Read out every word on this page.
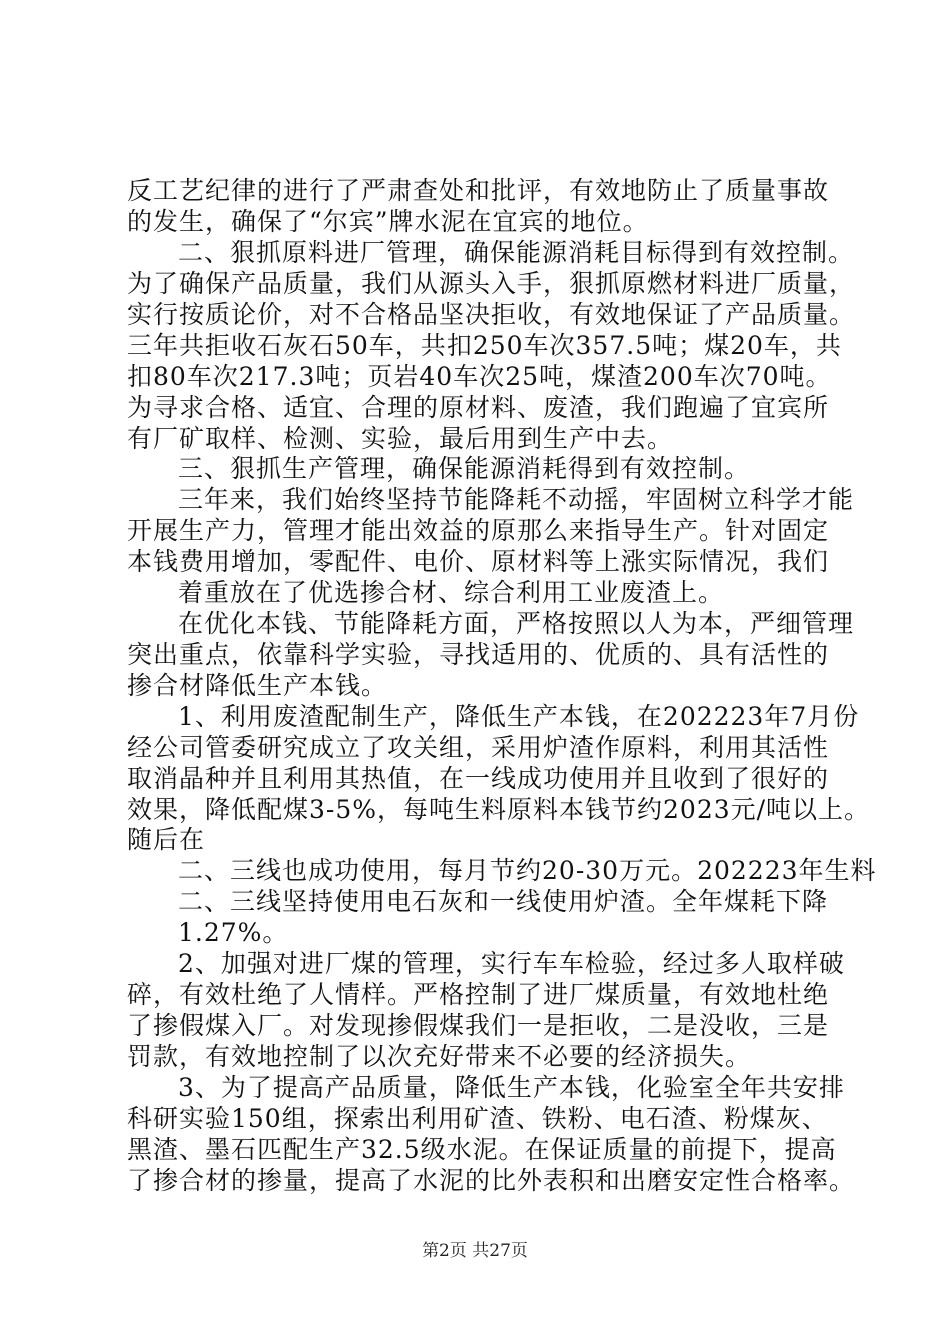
反工艺纪律的进行了严肃查处和批评，有效地防止了质量事故

的发生，确保了“尔宾”牌水泥在宜宾的地位。

二、狠抓原料进厂管理，确保能源消耗目标得到有效控制。

为了确保产品质量，我们从源头入手，狠抓原燃材料进厂质量，

实行按质论价，对不合格品坚决拒收，有效地保证了产品质量。

三年共拒收石灰石50车，共扣250车次357.5吨；煤20车，共

扣80车次217.3吨；页岩40车次25吨，煤渣200车次70吨。

为寻求合格、适宜、合理的原材料、废渣，我们跑遍了宜宾所

有厂矿取样、检测、实验，最后用到生产中去。

三、狠抓生产管理，确保能源消耗得到有效控制。

三年来，我们始终坚持节能降耗不动摇，牢固树立科学才能

开展生产力，管理才能出效益的原那么来指导生产。针对固定

本钱费用增加，零配件、电价、原材料等上涨实际情况，我们

着重放在了优选掺合材、综合利用工业废渣上。

在优化本钱、节能降耗方面，严格按照以人为本，严细管理

突出重点，依靠科学实验，寻找适用的、优质的、具有活性的

掺合材降低生产本钱。

1、利用废渣配制生产，降低生产本钱，在202223年7月份

经公司管委研究成立了攻关组，采用炉渣作原料，利用其活性

取消晶种并且利用其热值，在一线成功使用并且收到了很好的

效果，降低配煤3-5%，每吨生料原料本钱节约2023元/吨以上。

随后在

二、三线也成功使用，每月节约20-30万元。202223年生料

二、三线坚持使用电石灰和一线使用炉渣。全年煤耗下降

1.27%。

2、加强对进厂煤的管理，实行车车检验，经过多人取样破

碎，有效杜绝了人情样。严格控制了进厂煤质量，有效地杜绝

了掺假煤入厂。对发现掺假煤我们一是拒收，二是没收，三是

罚款，有效地控制了以次充好带来不必要的经济损失。

3、为了提高产品质量，降低生产本钱，化验室全年共安排

科研实验150组，探索出利用矿渣、铁粉、电石渣、粉煤灰、

黑渣、墨石匹配生产32.5级水泥。在保证质量的前提下，提高

了掺合材的掺量，提高了水泥的比外表积和出磨安定性合格率。

第2页 共27页
